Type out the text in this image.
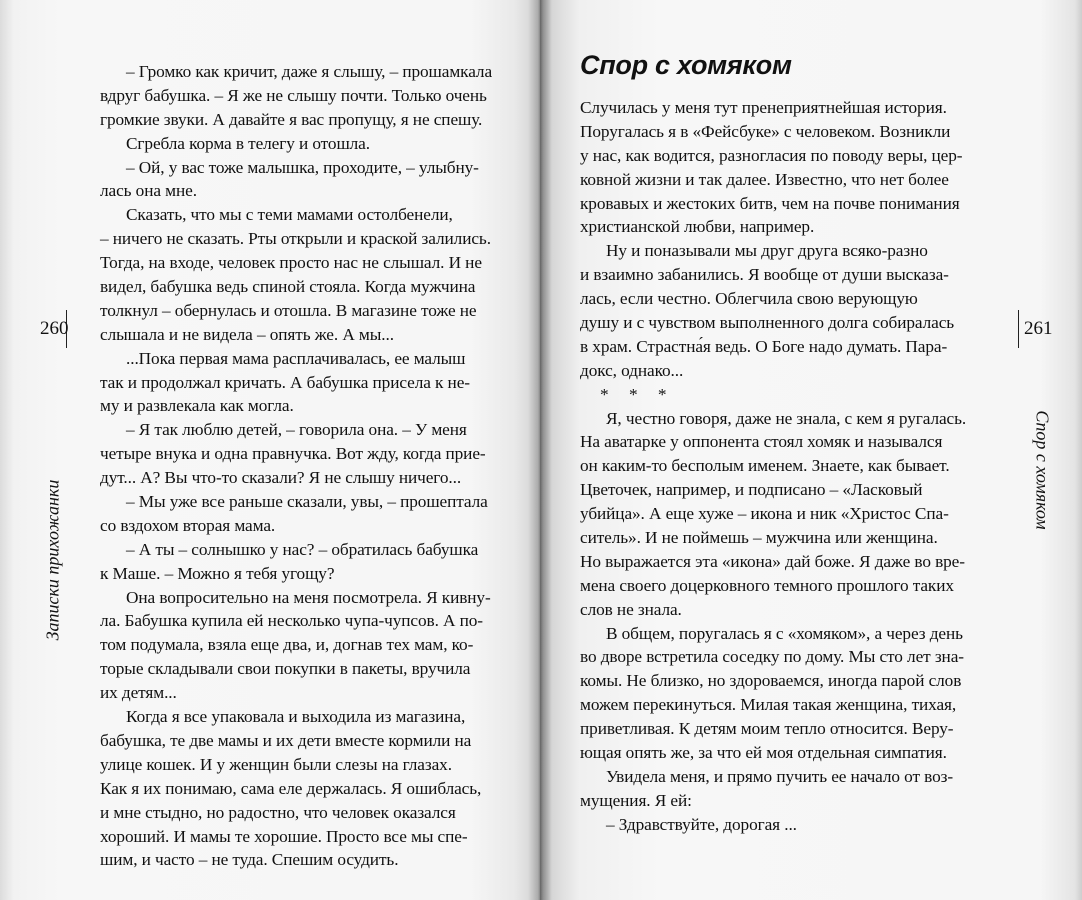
– Громко как кричит, даже я слышу, – прошамкала
вдруг бабушка. – Я же не слышу почти. Только очень
громкие звуки. А давайте я вас пропущу, я не спешу.
Сгребла корма в телегу и отошла.
– Ой, у вас тоже малышка, проходите, – улыбну-
лась она мне.
Сказать, что мы с теми мамами остолбенели,
– ничего не сказать. Рты открыли и краской залились.
Тогда, на входе, человек просто нас не слышал. И не
видел, бабушка ведь спиной стояла. Когда мужчина
толкнул – обернулась и отошла. В магазине тоже не
слышала и не видела – опять же. А мы...
...Пока первая мама расплачивалась, ее малыш
так и продолжал кричать. А бабушка присела к не-
му и развлекала как могла.
– Я так люблю детей, – говорила она. – У меня
четыре внука и одна правнучка. Вот жду, когда прие-
дут... А? Вы что-то сказали? Я не слышу ничего...
– Мы уже все раньше сказали, увы, – прошептала
со вздохом вторая мама.
– А ты – солнышко у нас? – обратилась бабушка
к Маше. – Можно я тебя угощу?
Она вопросительно на меня посмотрела. Я кивну-
ла. Бабушка купила ей несколько чупа-чупсов. А по-
том подумала, взяла еще два, и, догнав тех мам, ко-
торые складывали свои покупки в пакеты, вручила
их детям...
Когда я все упаковала и выходила из магазина,
бабушка, те две мамы и их дети вместе кормили на
улице кошек. И у женщин были слезы на глазах.
Как я их понимаю, сама еле держалась. Я ошиблась,
и мне стыдно, но радостно, что человек оказался
хороший. И мамы те хорошие. Просто все мы спе-
шим, и часто – не туда. Спешим осудить.
260
Записки прихожанки
Спор с хомяком
Случилась у меня тут пренеприятнейшая история.
Поругалась я в «Фейсбуке» с человеком. Возникли
у нас, как водится, разногласия по поводу веры, цер-
ковной жизни и так далее. Известно, что нет более
кровавых и жестоких битв, чем на почве понимания
христианской любви, например.
Ну и поназывали мы друг друга всяко-разно
и взаимно забанились. Я вообще от души высказа-
лась, если честно. Облегчила свою верующую
душу и с чувством выполненного долга собиралась
в храм. Страстна́я ведь. О Боге надо думать. Пара-
докс, однако...
* * *
Я, честно говоря, даже не знала, с кем я ругалась.
На аватарке у оппонента стоял хомяк и назывался
он каким-то бесполым именем. Знаете, как бывает.
Цветочек, например, и подписано – «Ласковый
убийца». А еще хуже – икона и ник «Христос Спа-
ситель». И не поймешь – мужчина или женщина.
Но выражается эта «икона» дай боже. Я даже во вре-
мена своего доцерковного темного прошлого таких
слов не знала.
В общем, поругалась я с «хомяком», а через день
во дворе встретила соседку по дому. Мы сто лет зна-
комы. Не близко, но здороваемся, иногда парой слов
можем перекинуться. Милая такая женщина, тихая,
приветливая. К детям моим тепло относится. Веру-
ющая опять же, за что ей моя отдельная симпатия.
Увидела меня, и прямо пучить ее начало от воз-
мущения. Я ей:
– Здравствуйте, дорогая ...
261
Спор с хомяком
